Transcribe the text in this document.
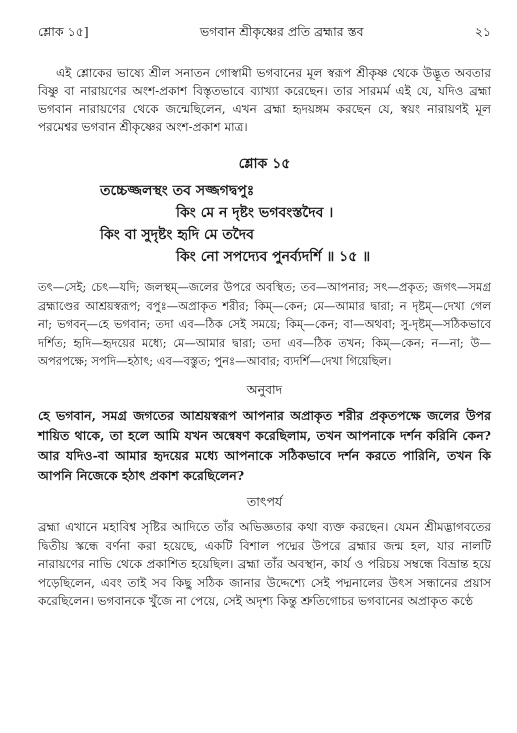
শ্লোক ১৫]	ভগবান শ্রীকৃষ্ণের প্রতি ব্রহ্মার স্তব	২১

এই শ্লোকের ভাষ্যে শ্রীল সনাতন গোস্বামী ভগবানের মূল স্বরূপ শ্রীকৃষ্ণ থেকে উদ্ভূত অবতার বিষ্ণু বা নারায়ণের অংশ-প্রকাশ বিস্তৃতভাবে ব্যাখ্যা করেছেন। তার সারমর্ম এই যে, যদিও ব্রহ্মা ভগবান নারায়ণের থেকে জন্মেছিলেন, এখন ব্রহ্মা হৃদয়ঙ্গম করছেন যে, স্বয়ং নারায়ণই মূল পরমেশ্বর ভগবান শ্রীকৃষ্ণের অংশ-প্রকাশ মাত্র।

শ্লোক ১৫
তচ্চেজ্জলস্থং তব সজ্জগদ্বপুঃ
কিং মে ন দৃষ্টং ভগবংস্তদৈব ।
কিং বা সুদৃষ্টং হৃদি মে তদৈব
কিং নো সপদ্যেব পুনর্ব্যদর্শি ॥ ১৫ ॥

তৎ—সেই; চেৎ—যদি; জলস্থম্—জলের উপরে অবস্থিত; তব—আপনার; সৎ—প্রকৃত; জগৎ—সমগ্র ব্রহ্মাণ্ডের আশ্রয়স্বরূপ; বপুঃ—অপ্রাকৃত শরীর; কিম্—কেন; মে—আমার দ্বারা; ন দৃষ্টম্—দেখা গেল না; ভগবন্—হে ভগবান; তদা এব—ঠিক সেই সময়ে; কিম্—কেন; বা—অথবা; সু-দৃষ্টম্—সঠিকভাবে দর্শিত; হৃদি—হৃদয়ের মধ্যে; মে—আমার দ্বারা; তদা এব—ঠিক তখন; কিম্—কেন; ন—না; উ—অপরপক্ষে; সপদি—হঠাৎ; এব—বস্তুত; পুনঃ—আবার; ব্যদর্শি—দেখা গিয়েছিল।

অনুবাদ

হে ভগবান, সমগ্র জগতের আশ্রয়স্বরূপ আপনার অপ্রাকৃত শরীর প্রকৃতপক্ষে জলের উপর শায়িত থাকে, তা হলে আমি যখন অন্বেষণ করেছিলাম, তখন আপনাকে দর্শন করিনি কেন? আর যদিও-বা আমার হৃদয়ের মধ্যে আপনাকে সঠিকভাবে দর্শন করতে পারিনি, তখন কি আপনি নিজেকে হঠাৎ প্রকাশ করেছিলেন?

তাৎপর্য

ব্রহ্মা এখানে মহাবিশ্ব সৃষ্টির আদিতে তাঁর অভিজ্ঞতার কথা ব্যক্ত করছেন। যেমন শ্রীমদ্ভাগবতের দ্বিতীয় স্কন্ধে বর্ণনা করা হয়েছে, একটি বিশাল পদ্মের উপরে ব্রহ্মার জন্ম হল, যার নালটি নারায়ণের নাভি থেকে প্রকাশিত হয়েছিল। ব্রহ্মা তাঁর অবস্থান, কার্য ও পরিচয় সম্বন্ধে বিভ্রান্ত হয়ে পড়েছিলেন, এবং তাই সব কিছু সঠিক জানার উদ্দেশ্যে সেই পদ্মনালের উৎস সন্ধানের প্রয়াস করেছিলেন। ভগবানকে খুঁজে না পেয়ে, সেই অদৃশ্য কিন্তু শ্রুতিগোচর ভগবানের অপ্রাকৃত কণ্ঠে
